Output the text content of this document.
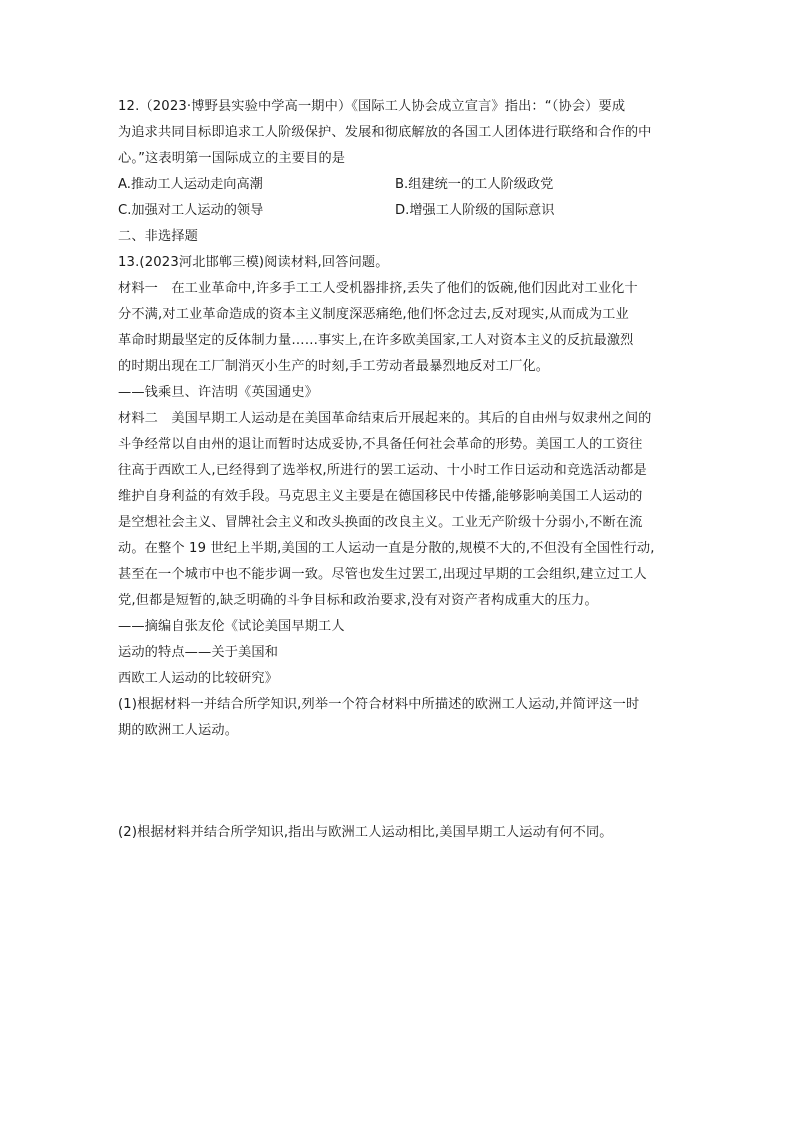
12.（2023·博野县实验中学高一期中）《国际工人协会成立宣言》指出：“（协会）要成
为追求共同目标即追求工人阶级保护、发展和彻底解放的各国工人团体进行联络和合作的中
心。”这表明第一国际成立的主要目的是
A.推动工人运动走向高潮	B.组建统一的工人阶级政党
C.加强对工人运动的领导	D.增强工人阶级的国际意识
二、非选择题
13.(2023河北邯郸三模)阅读材料,回答问题。
材料一　在工业革命中,许多手工工人受机器排挤,丢失了他们的饭碗,他们因此对工业化十
分不满,对工业革命造成的资本主义制度深恶痛绝,他们怀念过去,反对现实,从而成为工业
革命时期最坚定的反体制力量……事实上,在许多欧美国家,工人对资本主义的反抗最激烈
的时期出现在工厂制消灭小生产的时刻,手工劳动者最暴烈地反对工厂化。
——钱乘旦、许洁明《英国通史》
材料二　美国早期工人运动是在美国革命结束后开展起来的。其后的自由州与奴隶州之间的
斗争经常以自由州的退让而暂时达成妥协,不具备任何社会革命的形势。美国工人的工资往
往高于西欧工人,已经得到了选举权,所进行的罢工运动、十小时工作日运动和竞选活动都是
维护自身利益的有效手段。马克思主义主要是在德国移民中传播,能够影响美国工人运动的
是空想社会主义、冒牌社会主义和改头换面的改良主义。工业无产阶级十分弱小,不断在流
动。在整个 19 世纪上半期,美国的工人运动一直是分散的,规模不大的,不但没有全国性行动,
甚至在一个城市中也不能步调一致。尽管也发生过罢工,出现过早期的工会组织,建立过工人
党,但都是短暂的,缺乏明确的斗争目标和政治要求,没有对资产者构成重大的压力。
——摘编自张友伦《试论美国早期工人
运动的特点——关于美国和
西欧工人运动的比较研究》
(1)根据材料一并结合所学知识,列举一个符合材料中所描述的欧洲工人运动,并简评这一时
期的欧洲工人运动。
(2)根据材料并结合所学知识,指出与欧洲工人运动相比,美国早期工人运动有何不同。
